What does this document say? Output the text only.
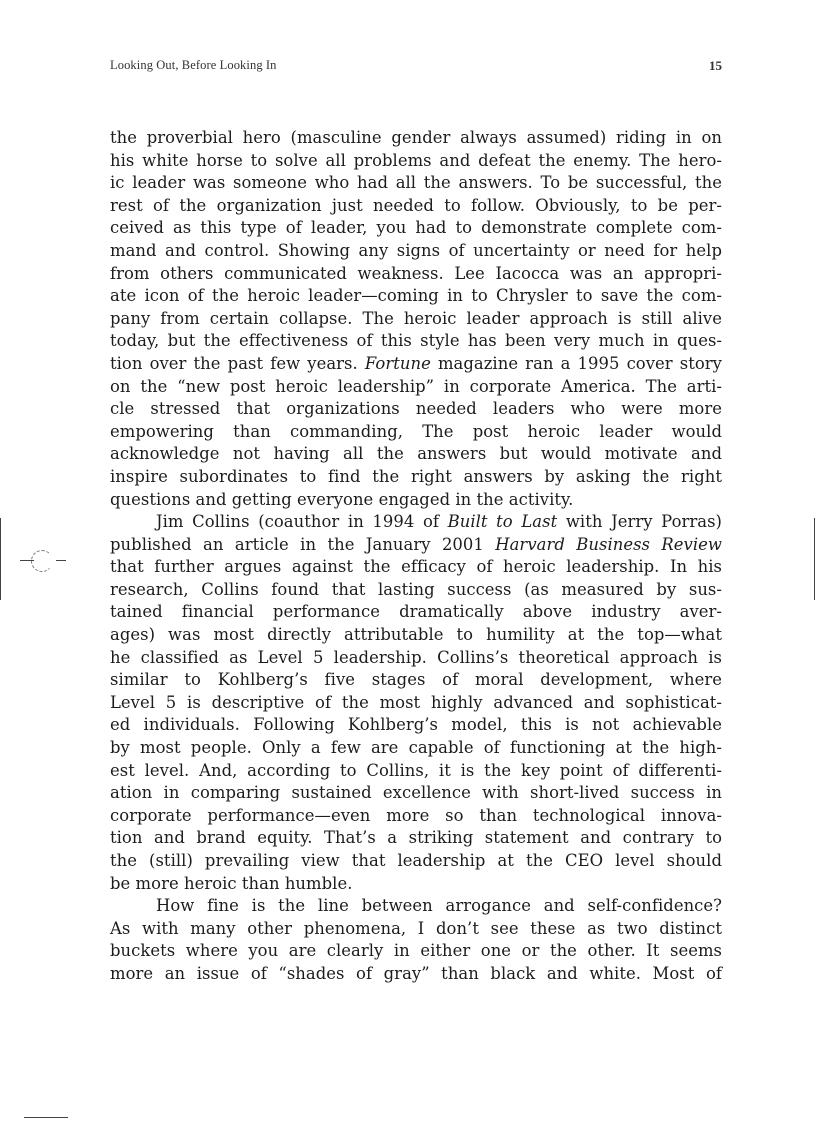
Looking Out, Before Looking In	15
the proverbial hero (masculine gender always assumed) riding in on
his white horse to solve all problems and defeat the enemy. The hero-
ic leader was someone who had all the answers. To be successful, the
rest of the organization just needed to follow. Obviously, to be per-
ceived as this type of leader, you had to demonstrate complete com-
mand and control. Showing any signs of uncertainty or need for help
from others communicated weakness. Lee Iacocca was an appropri-
ate icon of the heroic leader—coming in to Chrysler to save the com-
pany from certain collapse. The heroic leader approach is still alive
today, but the effectiveness of this style has been very much in ques-
tion over the past few years. Fortune magazine ran a 1995 cover story
on the “new post heroic leadership” in corporate America. The arti-
cle stressed that organizations needed leaders who were more
empowering than commanding, The post heroic leader would
acknowledge not having all the answers but would motivate and
inspire subordinates to find the right answers by asking the right
questions and getting everyone engaged in the activity.
Jim Collins (coauthor in 1994 of Built to Last with Jerry Porras)
published an article in the January 2001 Harvard Business Review
that further argues against the efficacy of heroic leadership. In his
research, Collins found that lasting success (as measured by sus-
tained financial performance dramatically above industry aver-
ages) was most directly attributable to humility at the top—what
he classified as Level 5 leadership. Collins’s theoretical approach is
similar to Kohlberg’s five stages of moral development, where
Level 5 is descriptive of the most highly advanced and sophisticat-
ed individuals. Following Kohlberg’s model, this is not achievable
by most people. Only a few are capable of functioning at the high-
est level. And, according to Collins, it is the key point of differenti-
ation in comparing sustained excellence with short-lived success in
corporate performance—even more so than technological innova-
tion and brand equity. That’s a striking statement and contrary to
the (still) prevailing view that leadership at the CEO level should
be more heroic than humble.
How fine is the line between arrogance and self-confidence?
As with many other phenomena, I don’t see these as two distinct
buckets where you are clearly in either one or the other. It seems
more an issue of “shades of gray” than black and white. Most of
